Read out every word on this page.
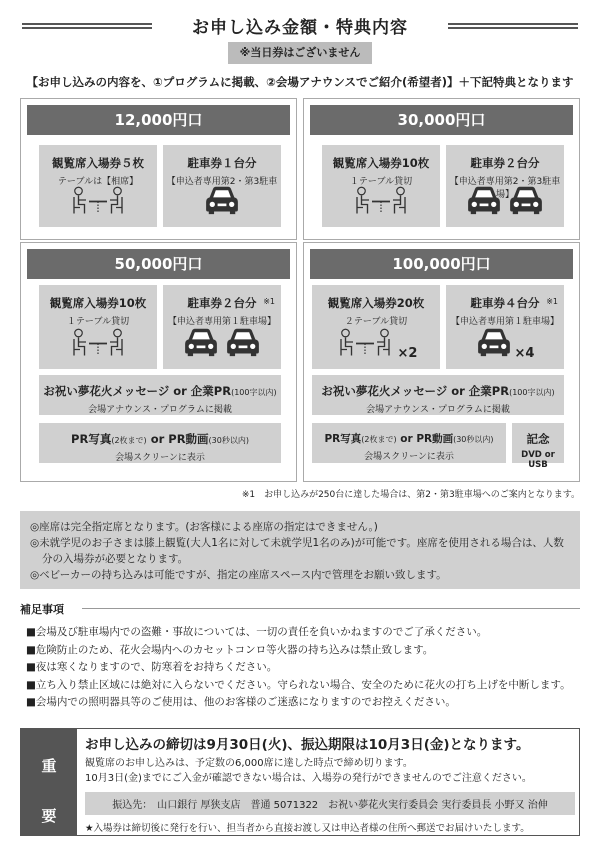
お申し込み金額・特典内容
※当日券はございません
【お申し込みの内容を、①プログラムに掲載、②会場アナウンスでご紹介(希望者)】＋下記特典となります
12,000円口
観覧席入場券５枚
テーブルは【相席】
駐車券１台分
【申込者専用第2・第3駐車
30,000円口
観覧席入場券10枚
１テーブル貸切
駐車券２台分
【申込者専用第2・第3駐車場】

50,000円口
観覧席入場券10枚
１テーブル貸切
※1
駐車券２台分
【申込者専用第１駐車場】

お祝い夢花火メッセージ or 企業PR(100字以内)
会場アナウンス・プログラムに掲載
PR写真(2枚まで) or PR動画(30秒以内)
会場スクリーンに表示
100,000円口
観覧席入場券20枚
２テーブル貸切
×2
※1
駐車券４台分
【申込者専用第１駐車場】
×4
お祝い夢花火メッセージ or 企業PR(100字以内)
会場アナウンス・プログラムに掲載
PR写真(2枚まで) or PR動画(30秒以内)
会場スクリーンに表示
記念
DVD or USB
※1　お申し込みが250台に達した場合は、第2・第3駐車場へのご案内となります。
◎座席は完全指定席となります。(お客様による座席の指定はできません。)
◎未就学児のお子さまは膝上観覧(大人1名に対して未就学児1名のみ)が可能です。座席を使用される場合は、人数分の入場券が必要となります。
◎ベビーカーの持ち込みは可能ですが、指定の座席スペース内で管理をお願い致します。
補足事項
■会場及び駐車場内での盗難・事故については、一切の責任を負いかねますのでご了承ください。
■危険防止のため、花火会場内へのカセットコンロ等火器の持ち込みは禁止致します。
■夜は寒くなりますので、防寒着をお持ちください。
■立ち入り禁止区域には絶対に入らないでください。守られない場合、安全のために花火の打ち上げを中断します。
■会場内での照明器具等のご使用は、他のお客様のご迷惑になりますのでお控えください。
重
要
お申し込みの締切は9月30日(火)、振込期限は10月3日(金)となります。
観覧席のお申し込みは、予定数の6,000席に達した時点で締め切ります。
10月3日(金)までにご入金が確認できない場合は、入場券の発行ができませんのでご注意ください。
振込先：　山口銀行 厚狭支店　普通 5071322　お祝い夢花火実行委員会 実行委員長 小野又 治伸
★入場券は締切後に発行を行い、担当者から直接お渡し又は申込者様の住所へ郵送でお届けいたします。
